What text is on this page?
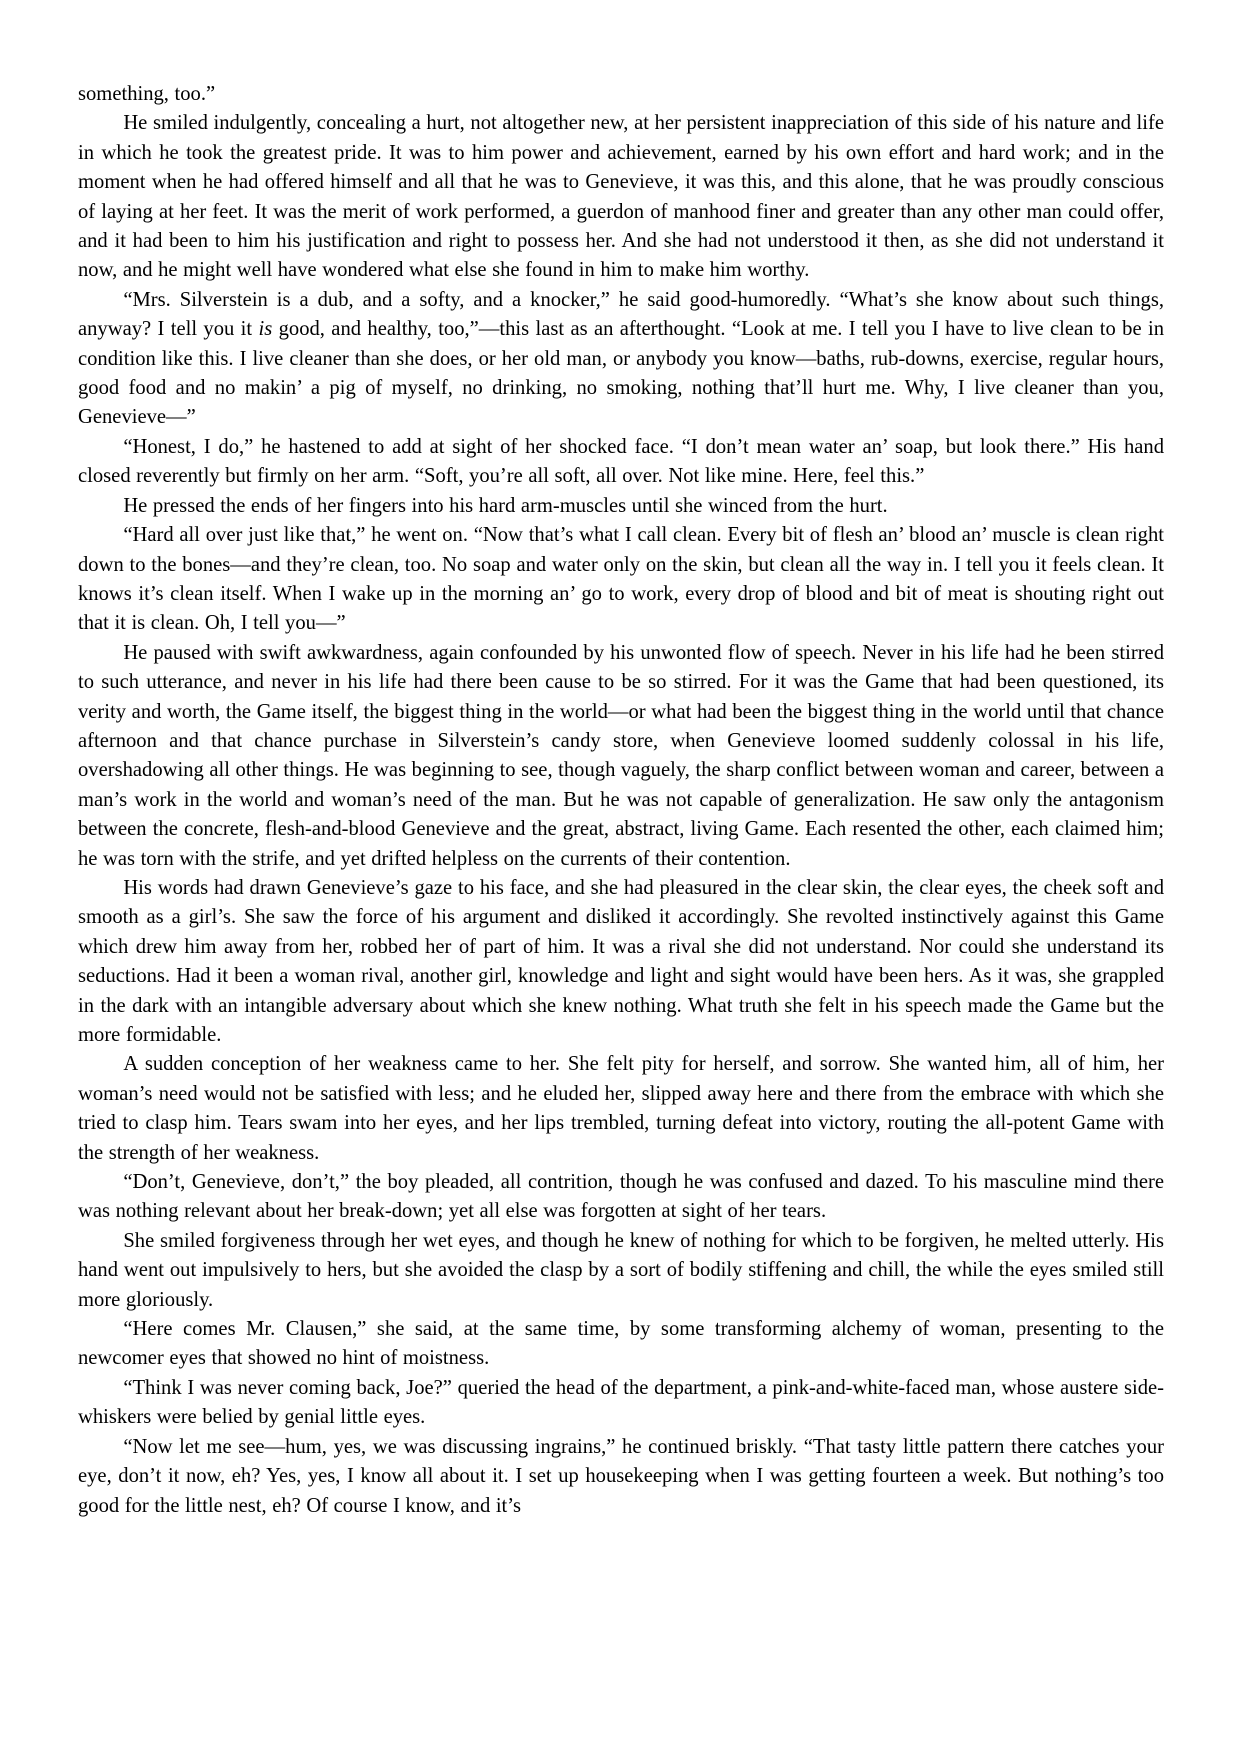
something, too.”

He smiled indulgently, concealing a hurt, not altogether new, at her persistent inappreciation of this side of his nature and life in which he took the greatest pride. It was to him power and achievement, earned by his own effort and hard work; and in the moment when he had offered himself and all that he was to Genevieve, it was this, and this alone, that he was proudly conscious of laying at her feet. It was the merit of work performed, a guerdon of manhood finer and greater than any other man could offer, and it had been to him his justification and right to possess her. And she had not understood it then, as she did not understand it now, and he might well have wondered what else she found in him to make him worthy.

“Mrs. Silverstein is a dub, and a softy, and a knocker,” he said good-humoredly. “What’s she know about such things, anyway? I tell you it is good, and healthy, too,”—this last as an afterthought. “Look at me. I tell you I have to live clean to be in condition like this. I live cleaner than she does, or her old man, or anybody you know—baths, rub-downs, exercise, regular hours, good food and no makin’ a pig of myself, no drinking, no smoking, nothing that’ll hurt me. Why, I live cleaner than you, Genevieve—”

“Honest, I do,” he hastened to add at sight of her shocked face. “I don’t mean water an’ soap, but look there.” His hand closed reverently but firmly on her arm. “Soft, you’re all soft, all over. Not like mine. Here, feel this.”

He pressed the ends of her fingers into his hard arm-muscles until she winced from the hurt.

“Hard all over just like that,” he went on. “Now that’s what I call clean. Every bit of flesh an’ blood an’ muscle is clean right down to the bones—and they’re clean, too. No soap and water only on the skin, but clean all the way in. I tell you it feels clean. It knows it’s clean itself. When I wake up in the morning an’ go to work, every drop of blood and bit of meat is shouting right out that it is clean. Oh, I tell you—”

He paused with swift awkwardness, again confounded by his unwonted flow of speech. Never in his life had he been stirred to such utterance, and never in his life had there been cause to be so stirred. For it was the Game that had been questioned, its verity and worth, the Game itself, the biggest thing in the world—or what had been the biggest thing in the world until that chance afternoon and that chance purchase in Silverstein’s candy store, when Genevieve loomed suddenly colossal in his life, overshadowing all other things. He was beginning to see, though vaguely, the sharp conflict between woman and career, between a man’s work in the world and woman’s need of the man. But he was not capable of generalization. He saw only the antagonism between the concrete, flesh-and-blood Genevieve and the great, abstract, living Game. Each resented the other, each claimed him; he was torn with the strife, and yet drifted helpless on the currents of their contention.

His words had drawn Genevieve’s gaze to his face, and she had pleasured in the clear skin, the clear eyes, the cheek soft and smooth as a girl’s. She saw the force of his argument and disliked it accordingly. She revolted instinctively against this Game which drew him away from her, robbed her of part of him. It was a rival she did not understand. Nor could she understand its seductions. Had it been a woman rival, another girl, knowledge and light and sight would have been hers. As it was, she grappled in the dark with an intangible adversary about which she knew nothing. What truth she felt in his speech made the Game but the more formidable.

A sudden conception of her weakness came to her. She felt pity for herself, and sorrow. She wanted him, all of him, her woman’s need would not be satisfied with less; and he eluded her, slipped away here and there from the embrace with which she tried to clasp him. Tears swam into her eyes, and her lips trembled, turning defeat into victory, routing the all-potent Game with the strength of her weakness.

“Don’t, Genevieve, don’t,” the boy pleaded, all contrition, though he was confused and dazed. To his masculine mind there was nothing relevant about her break-down; yet all else was forgotten at sight of her tears.

She smiled forgiveness through her wet eyes, and though he knew of nothing for which to be forgiven, he melted utterly. His hand went out impulsively to hers, but she avoided the clasp by a sort of bodily stiffening and chill, the while the eyes smiled still more gloriously.

“Here comes Mr. Clausen,” she said, at the same time, by some transforming alchemy of woman, presenting to the newcomer eyes that showed no hint of moistness.

“Think I was never coming back, Joe?” queried the head of the department, a pink-and-white-faced man, whose austere side-whiskers were belied by genial little eyes.

“Now let me see—hum, yes, we was discussing ingrains,” he continued briskly. “That tasty little pattern there catches your eye, don’t it now, eh? Yes, yes, I know all about it. I set up housekeeping when I was getting fourteen a week. But nothing’s too good for the little nest, eh? Of course I know, and it’s
